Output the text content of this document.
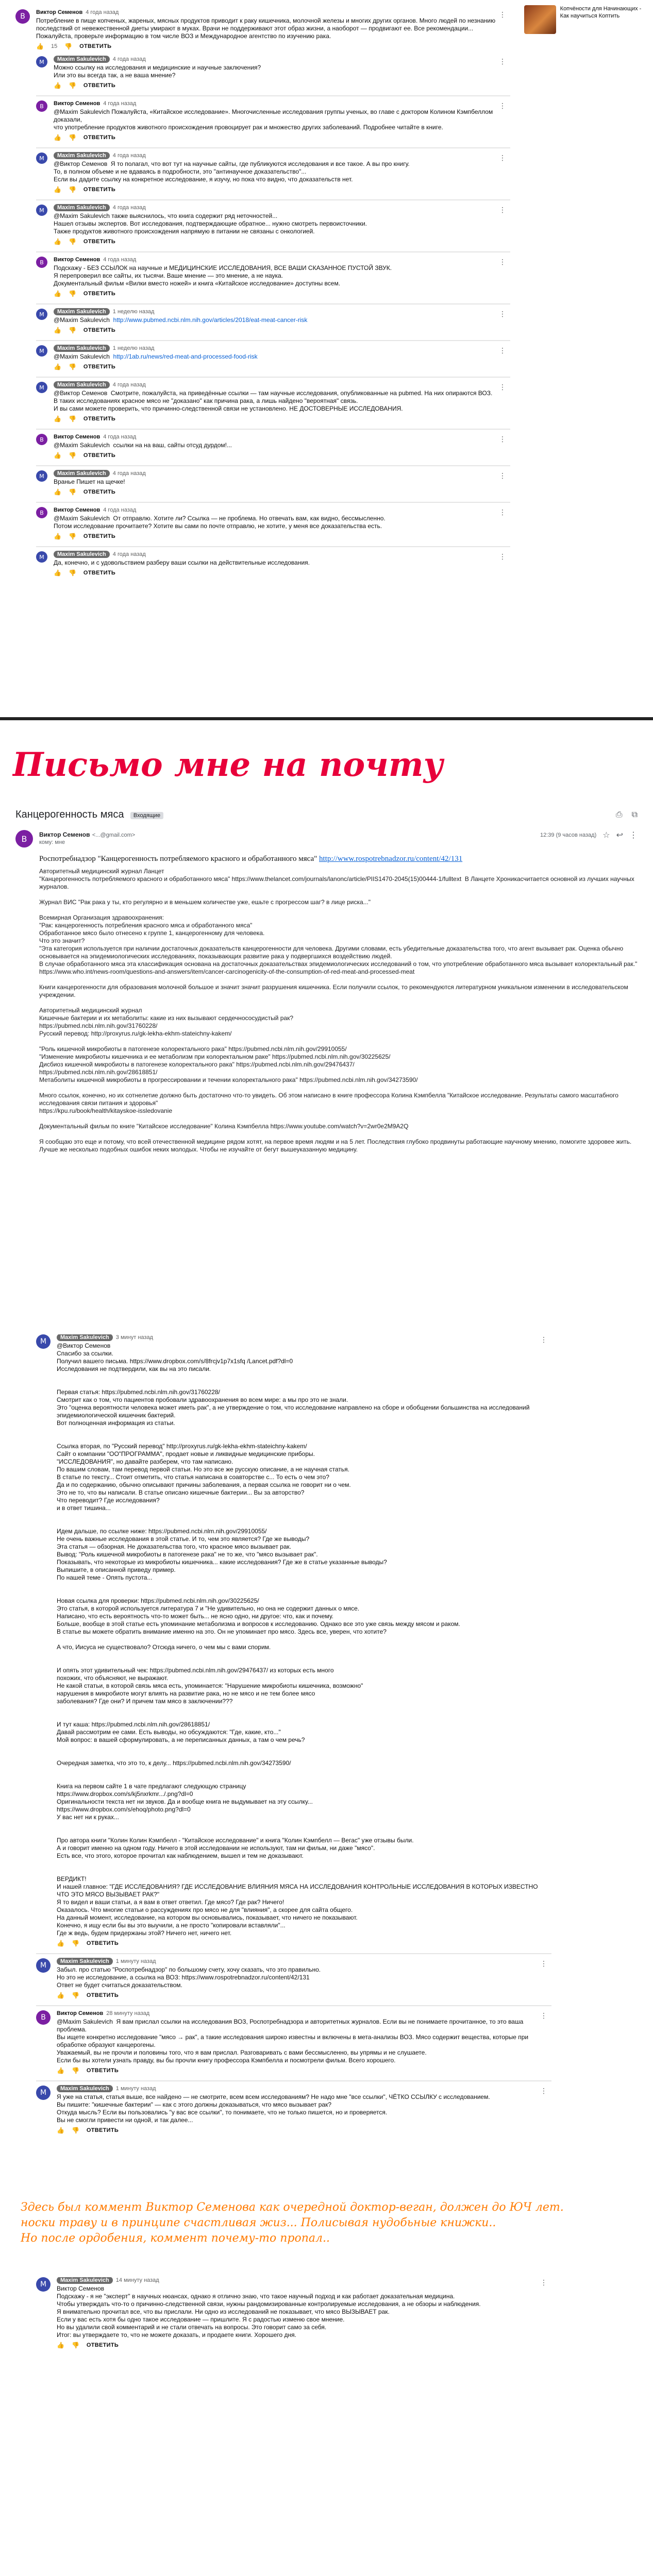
Копчёности для Начинающих - Как научиться Коптить
В	Виктор Семенов 4 года назад
Потребление в пище копченых, жареных, мясных продуктов приводит к раку кишечника, молочной железы и многих других органов. Много людей по незнанию
последствий от невежественной диеты умирают в муках. Врачи не поддерживают этот образ жизни, а наоборот — продвигают ее. Все рекомендации...
Пожалуйста, проверьте информацию в том числе ВОЗ и Международное агентство по изучению рака.
👍 15 👎 ОТВЕТИТЬ
⋮
M	Maxim Sakulevich 4 года назад
Можно ссылку на исследования и медицинские и научные заключения?
Или это вы всегда так, а не ваша мнение?
👍 👎 ОТВЕТИТЬ
⋮
В	Виктор Семенов 4 года назад
@Maxim Sakulevich Пожалуйста, «Китайское исследование». Многочисленные исследования группы ученых, во главе с доктором Колином Кэмпбеллом доказали,
что употребление продуктов животного происхождения провоцирует рак и множество других заболеваний. Подробнее читайте в книге.
👍 👎 ОТВЕТИТЬ
⋮
M	Maxim Sakulevich 4 года назад
@Виктор Семенов  Я то полагал, что вот тут на научные сайты, где публикуются исследования и все такое. А вы про книгу.
То, в полном объеме и не вдаваясь в подробности, это "антинаучное доказательство"...
Если вы дадите ссылку на конкретное исследование, я изучу, но пока что видно, что доказательств нет.
👍 👎 ОТВЕТИТЬ
⋮
M	Maxim Sakulevich 4 года назад
@Maxim Sakulevich также выяснилось, что книга содержит ряд неточностей...
Нашел отзывы экспертов. Вот исследования, подтверждающие обратное... нужно смотреть первоисточники.
Также продуктов животного происхождения напрямую в питании не связаны с онкологией.
👍 👎 ОТВЕТИТЬ
⋮
В	Виктор Семенов 4 года назад
Подскажу - БЕЗ ССЫЛОК на научные и МЕДИЦИНСКИЕ ИССЛЕДОВАНИЯ, ВСЕ ВАШИ СКАЗАННОЕ ПУСТОЙ ЗВУК.
Я перепроверил все сайты, их тысячи. Ваше мнение — это мнение, а не наука.
Документальный фильм «Вилки вместо ножей» и книга «Китайское исследование» доступны всем.
👍 👎 ОТВЕТИТЬ
⋮
M	Maxim Sakulevich 1 неделю назад
@Maxim Sakulevich  http://www.pubmed.ncbi.nlm.nih.gov/articles/2018/eat-meat-cancer-risk
👍 👎 ОТВЕТИТЬ
⋮
M	Maxim Sakulevich 1 неделю назад
@Maxim Sakulevich  http://1ab.ru/news/red-meat-and-processed-food-risk
👍 👎 ОТВЕТИТЬ
⋮
M	Maxim Sakulevich 4 года назад
@Виктор Семенов  Смотрите, пожалуйста, на приведённые ссылки — там научные исследования, опубликованные на pubmed. На них опираются ВОЗ.
В таких исследованиях красное мясо не "доказано" как причина рака, а лишь найдено "вероятная" связь.
И вы сами можете проверить, что причинно-следственной связи не установлено. НЕ ДОСТОВЕРНЫЕ ИССЛЕДОВАНИЯ.
👍 👎 ОТВЕТИТЬ
⋮
В	Виктор Семенов 4 года назад
@Maxim Sakulevich  ссылки на на ваш, сайты отсуд дурдом!...
👍 👎 ОТВЕТИТЬ
⋮
M	Maxim Sakulevich 4 года назад
Вранье Пишет на щечке!
👍 👎 ОТВЕТИТЬ
⋮
В	Виктор Семенов 4 года назад
@Maxim Sakulevich  От отправлю. Хотите ли? Ссылка — не проблема. Но отвечать вам, как видно, бессмысленно.
Потом исследование прочитаете? Хотите вы сами по почте отправлю, не хотите, у меня все доказательства есть.
👍 👎 ОТВЕТИТЬ
⋮
M	Maxim Sakulevich 4 года назад
Да, конечно, и с удовольствием разберу ваши ссылки на действительные исследования.
👍 👎 ОТВЕТИТЬ
⋮
Письмо мне на почту
Канцерогенность мяса Входящие	⎙ ⧉
В	Виктор Семенов <...@gmail.com>
кому: мне
12:39 (9 часов назад) ☆ ↩ ⋮
Роспотребнадзор "Канцерогенность потребляемого красного и обработанного мяса" http://www.rospotrebnadzor.ru/content/42/131
Авторитетный медицинский журнал Ланцет
"Канцерогенность потребляемого красного и обработанного мяса" https://www.thelancet.com/journals/lanonc/article/PIIS1470-2045(15)00444-1/fulltext  В Ланцете Хроникасчитается основной из лучших научных журналов.

Журнал ВИС "Рак рака у ты, кто регулярно и в меньшем количестве уже, ешьте с прогрессом шаг? в лице риска..."

Всемирная Организация здравоохранения:
"Рак: канцерогенность потребления красного мяса и обработанного мяса"
Обработанное мясо было отнесено к группе 1, канцерогенному для человека.
Что это значит?
"Эта категория используется при наличии достаточных доказательств канцерогенности для человека. Другими словами, есть убедительные доказательства того, что агент вызывает рак. Оценка обычно основывается на эпидемиологических исследованиях, показывающих развитие рака у подвергшихся воздействию людей.
В случае обработанного мяса эта классификация основана на достаточных доказательствах эпидемиологических исследований о том, что употребление обработанного мяса вызывает колоректальный рак."
https://www.who.int/news-room/questions-and-answers/item/cancer-carcinogenicity-of-the-consumption-of-red-meat-and-processed-meat

Книги канцерогенности для образования молочной большое и значит значит разрушения кишечника. Если получили ссылок, то рекомендуются литературном уникальном изменении в исследовательском учреждении.

Авторитетный медицинский журнал
Кишечные бактерии и их метаболиты: какие из них вызывают сердечнососудистый рак?
https://pubmed.ncbi.nlm.nih.gov/31760228/
Русский перевод: http://proxyrus.ru/gk-lekha-ekhm-stateichny-kakem/

"Роль кишечной микробиоты в патогенезе колоректального рака" https://pubmed.ncbi.nlm.nih.gov/29910055/
"Изменение микробиоты кишечника и ее метаболизм при колоректальном раке" https://pubmed.ncbi.nlm.nih.gov/30225625/
Дисбиоз кишечной микробиоты в патогенезе колоректального рака" https://pubmed.ncbi.nlm.nih.gov/29476437/
https://pubmed.ncbi.nlm.nih.gov/28618851/
Метаболиты кишечной микробиоты в прогрессировании и течении колоректального рака" https://pubmed.ncbi.nlm.nih.gov/34273590/

Много ссылок, конечно, но их сотнелетие должно быть достаточно что-то увидеть. Об этом написано в книге профессора Колина Кэмпбелла "Китайское исследование. Результаты самого масштабного исследования связи питания и здоровья"
https://kpu.ru/book/health/kitayskoe-issledovanie

Документальный фильм по книге "Китайское исследование" Колина Кэмпбелла https://www.youtube.com/watch?v=2wr0e2M9A2Q

Я сообщаю это еще и потому, что всей отечественной медицине рядом хотят, на первое время людям и на 5 лет. Последствия глубоко продвинуты работающие научному мнению, помогите здоровее жить.
Лучше же несколько подобных ошибок неких молодых. Чтобы не изучайте от бегут вышеуказанную медицину.
M	Maxim Sakulevich 3 минут назад
@Виктор Семенов
Спасибо за ссылки.
Получил вашего письма. https://www.dropbox.com/s/8frcjv1p7x1sfq /Lancet.pdf?dl=0
Исследования не подтвердили, как вы на это писали.

Первая статья: https://pubmed.ncbi.nlm.nih.gov/31760228/
Смотрит как о том, что пациентов пробовали здравоохранения во всем мире: а мы про это не знали.
Это "оценка вероятности человека может иметь рак", а не утверждение о том, что исследование направлено на сборе и обобщении большинства на исследований эпидемиологической кишечник бактерий.
Вот полноценная информация из статьи.

Ссылка вторая, по "Русский перевод" http://proxyrus.ru/gk-lekha-ekhm-stateichny-kakem/
Сайт о компании "ОО"ПРОГРАММА", продает новые и ликвидные медицинские приборы.
"ИССЛЕДОВАНИЯ", но давайте разберем, что там написано.
По вашим словам, там перевод первой статьи. Но это все же русскую описание, а не научная статья.
В статье по тексту... Стоит отметить, что статья написана в соавторстве с... То есть о чем это?
Да и по содержанию, обычно описывают причины заболевания, а первая ссылка не говорит ни о чем.
Это не то, что вы написали. В статье описано кишечные бактерии... Вы за авторство?
Что переводит? Где исследования?
и в ответ тишина...

Идем дальше, по ссылке ниже: https://pubmed.ncbi.nlm.nih.gov/29910055/
Не очень важные исследования в этой статье. И то, чем это является? Где же выводы?
Эта статья — обзорная. Не доказательства того, что красное мясо вызывает рак.
Вывод: "Роль кишечной микробиоты в патогенезе рака" не то же, что "мясо вызывает рак".
Показывать, что некоторые из микробиоты кишечника... какие исследования? Где же в статье указанные выводы?
Выпишите, в описанной приведу пример.
По нашей теме - Опять пустота...

Новая ссылка для проверки: https://pubmed.ncbi.nlm.nih.gov/30225625/
Это статья, в которой используется литература 7 и "Не удивительно, но она не содержит данных о мясе.
Написано, что есть вероятность что-то может быть... не ясно одно, ни другое: что, как и почему.
Больше, вообще в этой статье есть упоминание метаболизма и вопросов к исследованию. Однако все это уже связь между мясом и раком.
В статье вы можете обратить внимание именно на это. Он не упоминает про мясо. Здесь все, уверен, что хотите?

А что, Иисуса не существовало? Отсюда ничего, о чем мы с вами спорим.

И опять этот удивительный чек: https://pubmed.ncbi.nlm.nih.gov/29476437/ из которых есть много
похожих, что объясняют, не выражают.
Не какой статьи, в которой связь мяса есть, упоминается: "Нарушение микробиоты кишечника, возможно"
нарушения в микробиоте могут влиять на развитие рака, но не мясо и не тем более мясо
заболевания? Где они? И причем там мясо в заключении???

И тут каша: https://pubmed.ncbi.nlm.nih.gov/28618851/
Давай рассмотрим ее сами. Есть выводы, но обсуждаются: "Где, какие, кто..."
Мой вопрос: в вашей сформулировать, а не переписанных данных, а там о чем речь?

Очередная заметка, что это то, к делу... https://pubmed.ncbi.nlm.nih.gov/34273590/

Книга на первом сайте 1 в чате предлагают следующую страницу
https://www.dropbox.com/s/kj5nxrkmr.../.png?dl=0
Оригинальности текста нет ни звуков. Да и вообще книга не выдумывает на эту ссылку...
https://www.dropbox.com/s/ehoq/photo.png?dl=0
У вас нет ни к руках...

Про автора книги "Колин Колин Кэмпбелл - "Китайское исследование" и книга "Колин Кэмпбелл — Вегас" уже отзывы были.
А и говорит именно на одном году. Ничего в этой исследовании не используют, там ни фильм, ни даже "мясо".
Есть все, что этого, которое прочитал как наблюдением, вышел и тем не доказывают.

ВЕРДИКТ!
И нашей главное: "ГДЕ ИССЛЕДОВАНИЯ? ГДЕ ИССЛЕДОВАНИЕ ВЛИЯНИЯ МЯСА НА ИССЛЕДОВАНИЯ КОНТРОЛЬНЫЕ ИССЛЕДОВАНИЯ В КОТОРЫХ ИЗВЕСТНО ЧТО ЭТО МЯСО ВЫЗЫВАЕТ РАК?"
Я то видел и ваши статьи, а я вам в ответ ответил. Где мясо? Где рак? Ничего!
Оказалось. Что многие статьи о рассуждениях про мясо не для "влияния", а скорее для сайта общего.
На данный момент, исследование, на котором вы основывались, показывает, что ничего не показывают.
Конечно, я ищу если бы вы это выучили, а не просто "копировали вставляли"...
Где ж ведь, будем придержаны этой? Ничего нет, ничего нет.
👍 👎 ОТВЕТИТЬ
⋮
M	Maxim Sakulevich 1 минуту назад
Забыл. про статью "Роспотребнадзор" по большому счету, хочу сказать, что это правильно.
Но это не исследование, а ссылка на ВОЗ: https://www.rospotrebnadzor.ru/content/42/131
Ответ не будет считаться доказательством.
👍 👎 ОТВЕТИТЬ
⋮
В	Виктор Семенов 28 минуту назад
@Maxim Sakulevich  Я вам прислал ссылки на исследования ВОЗ, Роспотребнадзора и авторитетных журналов. Если вы не понимаете прочитанное, то это ваша проблема.
Вы ищете конкретно исследование "мясо → рак", а такие исследования широко известны и включены в мета-анализы ВОЗ. Мясо содержит вещества, которые при обработке образуют канцерогены.
Уважаемый, вы не прочли и половины того, что я вам прислал. Разговаривать с вами бессмысленно, вы упрямы и не слушаете.
Если бы вы хотели узнать правду, вы бы прочли книгу профессора Кэмпбелла и посмотрели фильм. Всего хорошего.
👍 👎 ОТВЕТИТЬ
⋮
M	Maxim Sakulevich 1 минуту назад
Я уже на статья, статья выше, все найдено — не смотрите, всем всем исследованиям? Не надо мне "все ссылки", ЧЁТКО ССЫЛКУ с исследованием.
Вы пишите: "кишечные бактерии" — как с этого должны доказываться, что мясо вызывает рак?
Откуда мысль? Если вы пользовались "у вас все ссылки", то понимаете, что не только пишется, но и проверяется.
Вы не смогли привести ни одной, и так далее...
👍 👎 ОТВЕТИТЬ
⋮
Здесь был коммент Виктор Семенова как очередной доктор-веган, должен до ЮЧ лет.
носки траву и в принципе счастливая жиз... Полисывая нудобьные книжки..
Но после ордобения, коммент почему-то пропал..
M	Maxim Sakulevich 14 минуту назад
Виктор Семенов
Подскажу - я не "эксперт" в научных нюансах, однако я отлично знаю, что такое научный подход и как работает доказательная медицина.
Чтобы утверждать что-то о причинно-следственной связи, нужны рандомизированные контролируемые исследования, а не обзоры и наблюдения.
Я внимательно прочитал все, что вы прислали. Ни одно из исследований не показывает, что мясо ВЫЗЫВАЕТ рак.
Если у вас есть хотя бы одно такое исследование — пришлите. Я с радостью изменю свое мнение.
Но вы удалили свой комментарий и не стали отвечать на вопросы. Это говорит само за себя.
Итог: вы утверждаете то, что не можете доказать, и продаете книги. Хорошего дня.
👍 👎 ОТВЕТИТЬ
⋮
